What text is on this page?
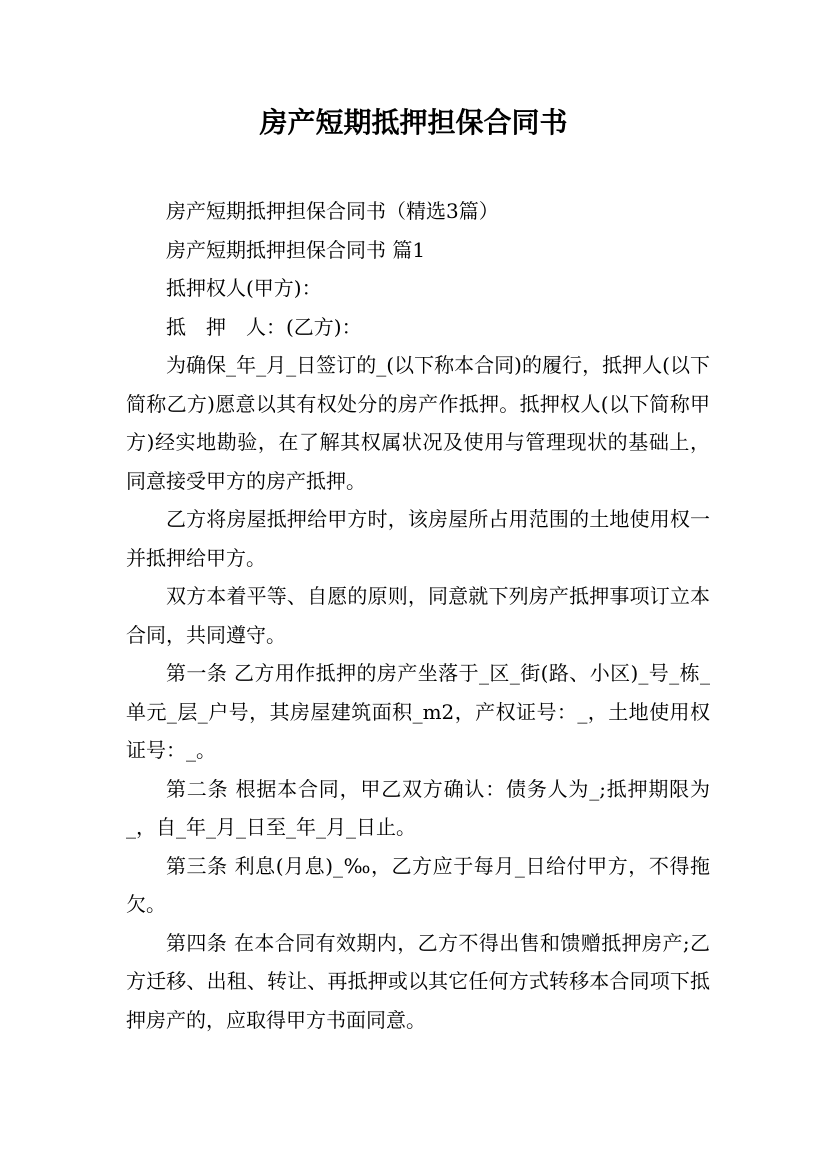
房产短期抵押担保合同书

房产短期抵押担保合同书（精选3篇）

房产短期抵押担保合同书 篇1

抵押权人(甲方)：

抵　押　人：(乙方)：

为确保_年_月_日签订的_(以下称本合同)的履行，抵押人(以下简称乙方)愿意以其有权处分的房产作抵押。抵押权人(以下简称甲方)经实地勘验，在了解其权属状况及使用与管理现状的基础上，同意接受甲方的房产抵押。

乙方将房屋抵押给甲方时，该房屋所占用范围的土地使用权一并抵押给甲方。

双方本着平等、自愿的原则，同意就下列房产抵押事项订立本合同，共同遵守。

第一条 乙方用作抵押的房产坐落于_区_街(路、小区)_号_栋_单元_层_户号，其房屋建筑面积_m2，产权证号：_，土地使用权证号：_。

第二条 根据本合同，甲乙双方确认：债务人为_;抵押期限为_，自_年_月_日至_年_月_日止。

第三条 利息(月息)_‰，乙方应于每月_日给付甲方，不得拖欠。

第四条 在本合同有效期内，乙方不得出售和馈赠抵押房产;乙方迁移、出租、转让、再抵押或以其它任何方式转移本合同项下抵押房产的，应取得甲方书面同意。
